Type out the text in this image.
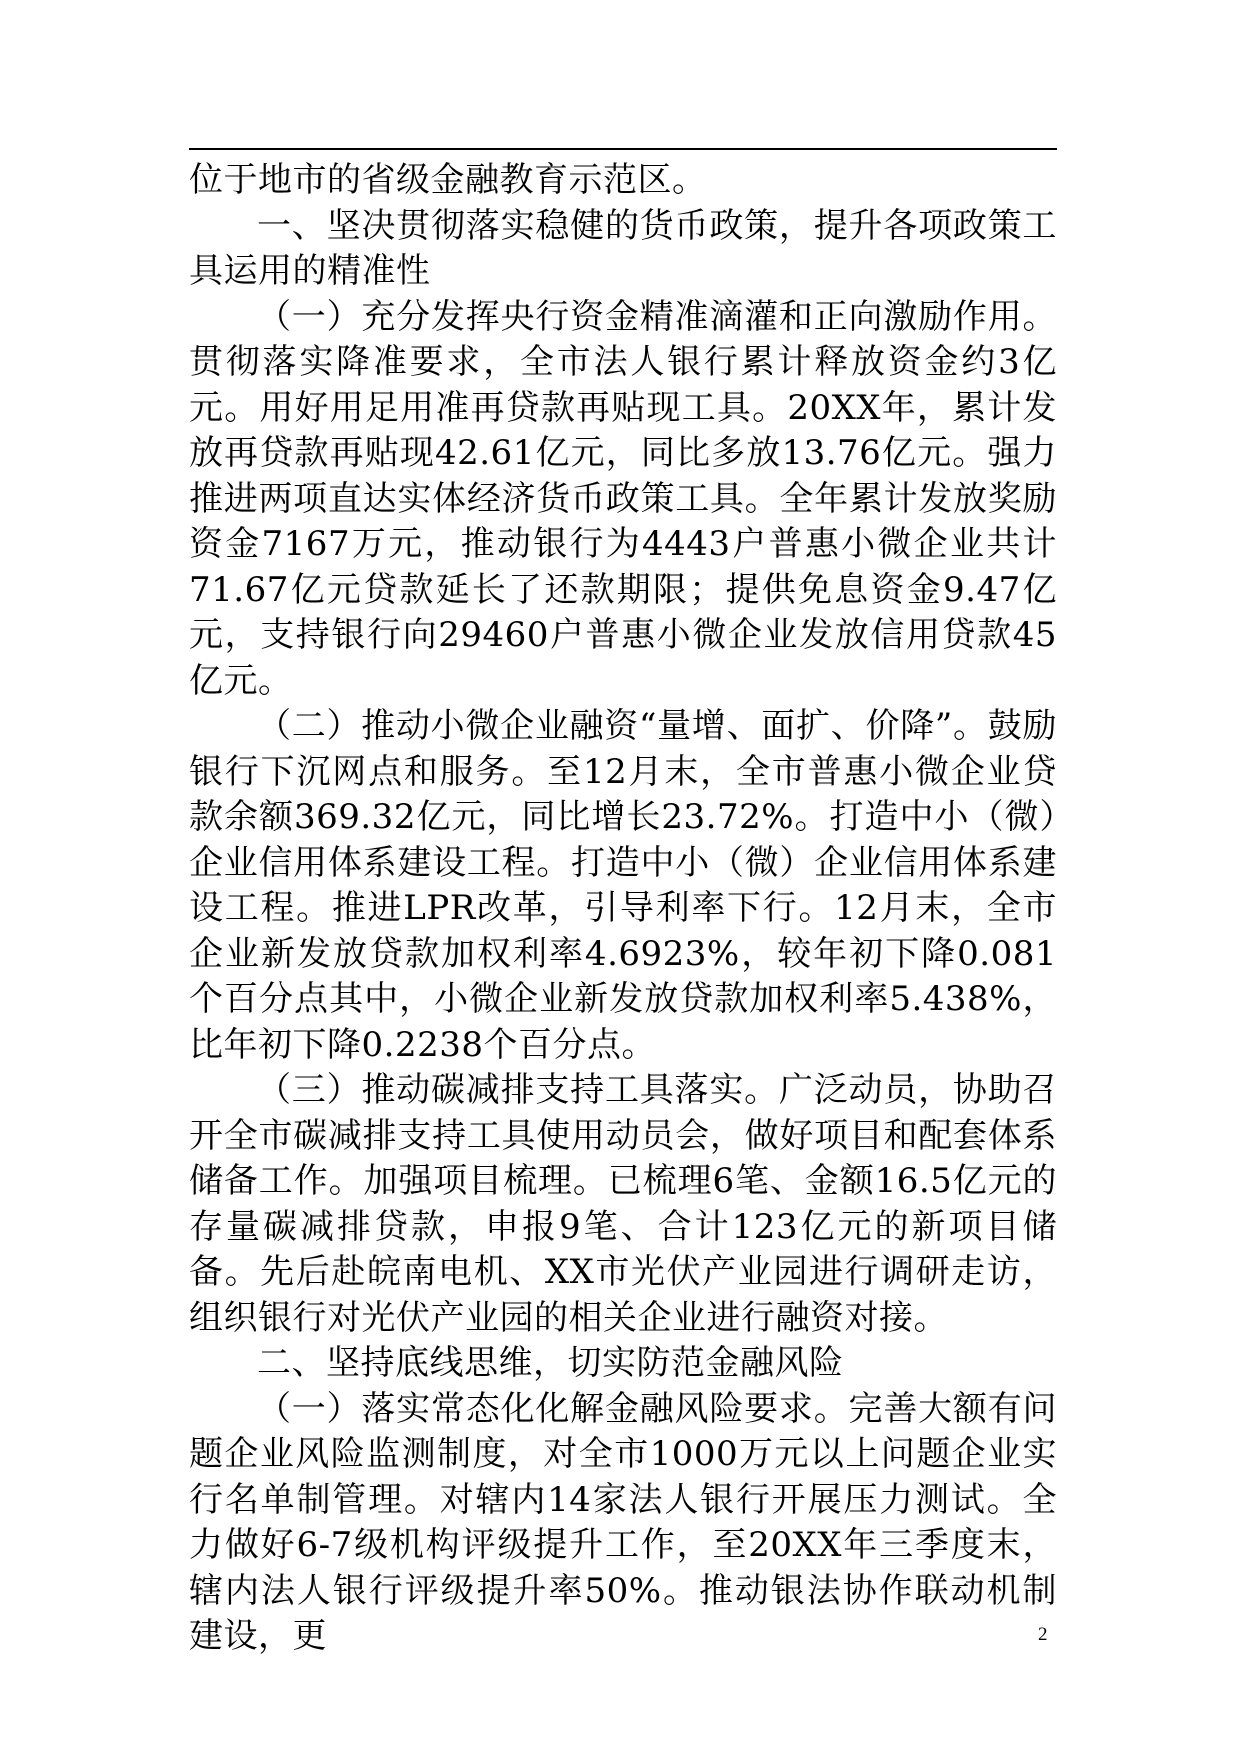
位于地市的省级金融教育示范区。

一、坚决贯彻落实稳健的货币政策，提升各项政策工具运用的精准性

（一）充分发挥央行资金精准滴灌和正向激励作用。贯彻落实降准要求，全市法人银行累计释放资金约3亿元。用好用足用准再贷款再贴现工具。20XX年，累计发放再贷款再贴现42.61亿元，同比多放13.76亿元。强力推进两项直达实体经济货币政策工具。全年累计发放奖励资金7167万元，推动银行为4443户普惠小微企业共计71.67亿元贷款延长了还款期限；提供免息资金9.47亿元，支持银行向29460户普惠小微企业发放信用贷款45亿元。

（二）推动小微企业融资“量增、面扩、价降”。鼓励银行下沉网点和服务。至12月末，全市普惠小微企业贷款余额369.32亿元，同比增长23.72%。打造中小（微）企业信用体系建设工程。打造中小（微）企业信用体系建设工程。推进LPR改革，引导利率下行。12月末，全市企业新发放贷款加权利率4.6923%，较年初下降0.081个百分点其中，小微企业新发放贷款加权利率5.438%，比年初下降0.2238个百分点。

（三）推动碳减排支持工具落实。广泛动员，协助召开全市碳减排支持工具使用动员会，做好项目和配套体系储备工作。加强项目梳理。已梳理6笔、金额16.5亿元的存量碳减排贷款，申报9笔、合计123亿元的新项目储备。先后赴皖南电机、XX市光伏产业园进行调研走访，组织银行对光伏产业园的相关企业进行融资对接。

二、坚持底线思维，切实防范金融风险

（一）落实常态化化解金融风险要求。完善大额有问题企业风险监测制度，对全市1000万元以上问题企业实行名单制管理。对辖内14家法人银行开展压力测试。全力做好6-7级机构评级提升工作，至20XX年三季度末，辖内法人银行评级提升率50%。推动银法协作联动机制建设，更	2
